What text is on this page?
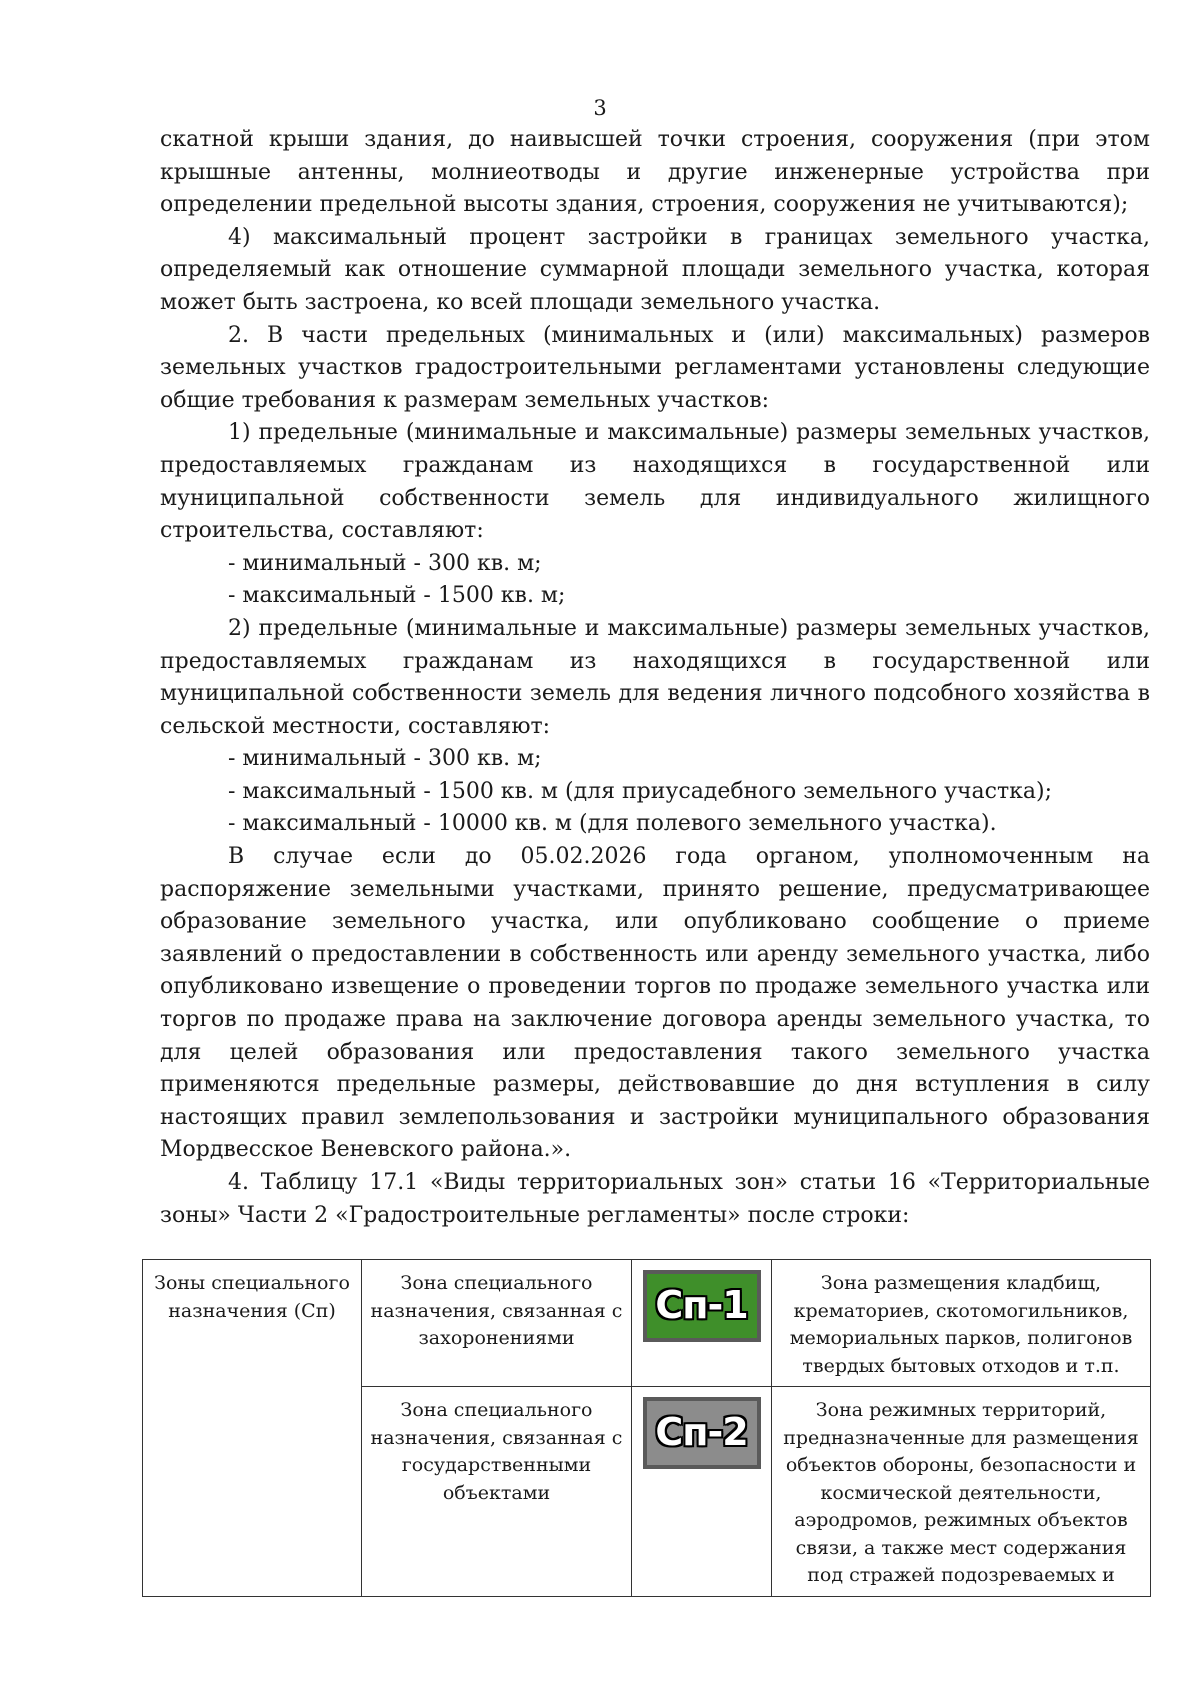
3

скатной крыши здания, до наивысшей точки строения, сооружения (при этом крышные антенны, молниеотводы и другие инженерные устройства при определении предельной высоты здания, строения, сооружения не учитываются);

4) максимальный процент застройки в границах земельного участка, определяемый как отношение суммарной площади земельного участка, которая может быть застроена, ко всей площади земельного участка.

2. В части предельных (минимальных и (или) максимальных) размеров земельных участков градостроительными регламентами установлены следующие общие требования к размерам земельных участков:

1) предельные (минимальные и максимальные) размеры земельных участков, предоставляемых гражданам из находящихся в государственной или муниципальной собственности земель для индивидуального жилищного строительства, составляют:

- минимальный - 300 кв. м;

- максимальный - 1500 кв. м;

2) предельные (минимальные и максимальные) размеры земельных участков, предоставляемых гражданам из находящихся в государственной или муниципальной собственности земель для ведения личного подсобного хозяйства в сельской местности, составляют:

- минимальный - 300 кв. м;

- максимальный - 1500 кв. м (для приусадебного земельного участка);

- максимальный - 10000 кв. м (для полевого земельного участка).

В случае если до 05.02.2026 года органом, уполномоченным на распоряжение земельными участками, принято решение, предусматривающее образование земельного участка, или опубликовано сообщение о приеме заявлений о предоставлении в собственность или аренду земельного участка, либо опубликовано извещение о проведении торгов по продаже земельного участка или торгов по продаже права на заключение договора аренды земельного участка, то для целей образования или предоставления такого земельного участка применяются предельные размеры, действовавшие до дня вступления в силу настоящих правил землепользования и застройки муниципального образования Мордвесское Веневского района.».

4. Таблицу 17.1 «Виды территориальных зон» статьи 16 «Территориальные зоны» Части 2 «Градостроительные регламенты» после строки:

Зоны специального назначения (Сп)	Зона специального назначения, связанная с захоронениями	Сп-1	Зона размещения кладбищ, крематориев, скотомогильников, мемориальных парков, полигонов твердых бытовых отходов и т.п.
	Зона специального назначения, связанная с государственными объектами	Сп-2	Зона режимных территорий, предназначенные для размещения объектов обороны, безопасности и космической деятельности, аэродромов, режимных объектов связи, а также мест содержания под стражей подозреваемых и
